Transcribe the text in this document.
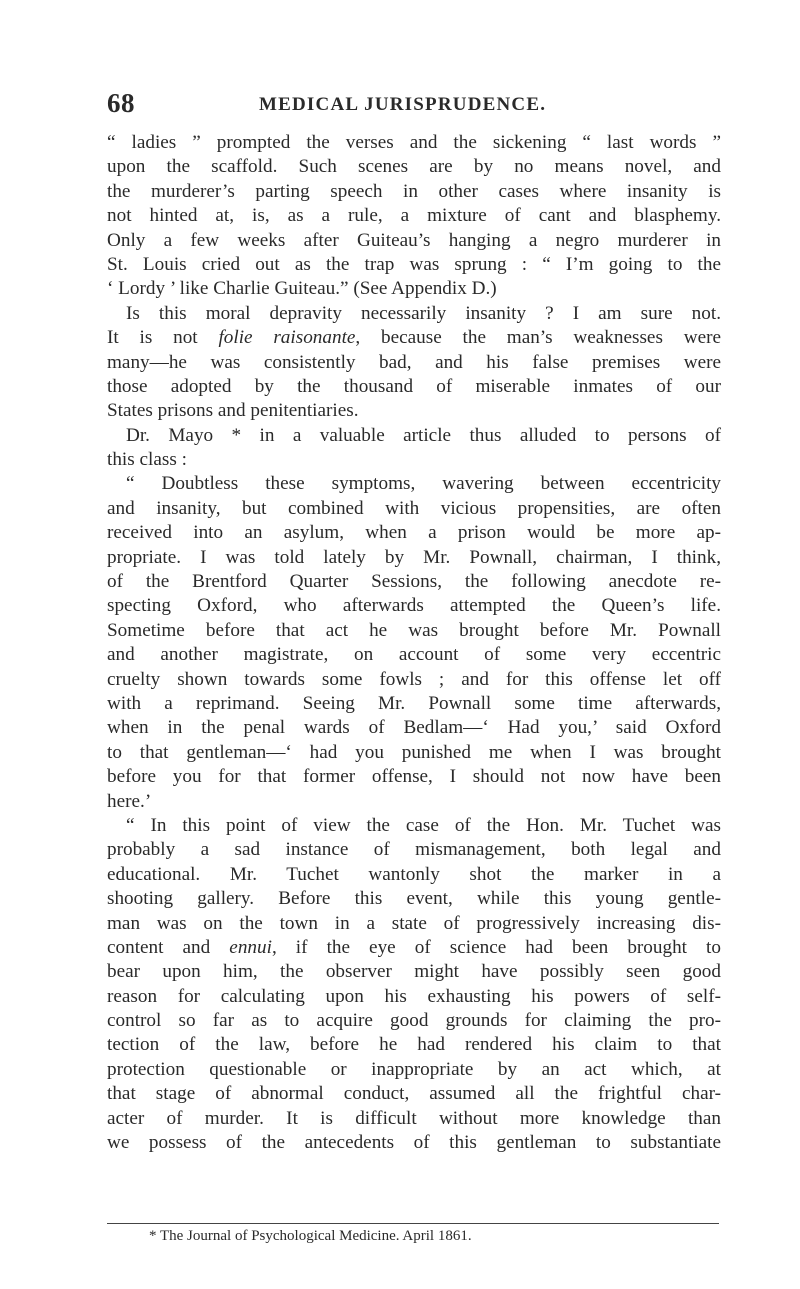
68	MEDICAL JURISPRUDENCE.
“ ladies ” prompted the verses and the sickening “ last words ”
upon the scaffold. Such scenes are by no means novel, and
the murderer’s parting speech in other cases where insanity is
not hinted at, is, as a rule, a mixture of cant and blasphemy.
Only a few weeks after Guiteau’s hanging a negro murderer in
St. Louis cried out as the trap was sprung : “ I’m going to the
‘ Lordy ’ like Charlie Guiteau.” (See Appendix D.)
Is this moral depravity necessarily insanity ? I am sure not.
It is not folie raisonante, because the man’s weaknesses were
many—he was consistently bad, and his false premises were
those adopted by the thousand of miserable inmates of our
States prisons and penitentiaries.
Dr. Mayo * in a valuable article thus alluded to persons of
this class :
“ Doubtless these symptoms, wavering between eccentricity
and insanity, but combined with vicious propensities, are often
received into an asylum, when a prison would be more ap-
propriate. I was told lately by Mr. Pownall, chairman, I think,
of the Brentford Quarter Sessions, the following anecdote re-
specting Oxford, who afterwards attempted the Queen’s life.
Sometime before that act he was brought before Mr. Pownall
and another magistrate, on account of some very eccentric
cruelty shown towards some fowls ; and for this offense let off
with a reprimand. Seeing Mr. Pownall some time afterwards,
when in the penal wards of Bedlam—‘ Had you,’ said Oxford
to that gentleman—‘ had you punished me when I was brought
before you for that former offense, I should not now have been
here.’
“ In this point of view the case of the Hon. Mr. Tuchet was
probably a sad instance of mismanagement, both legal and
educational. Mr. Tuchet wantonly shot the marker in a
shooting gallery. Before this event, while this young gentle-
man was on the town in a state of progressively increasing dis-
content and ennui, if the eye of science had been brought to
bear upon him, the observer might have possibly seen good
reason for calculating upon his exhausting his powers of self-
control so far as to acquire good grounds for claiming the pro-
tection of the law, before he had rendered his claim to that
protection questionable or inappropriate by an act which, at
that stage of abnormal conduct, assumed all the frightful char-
acter of murder. It is difficult without more knowledge than
we possess of the antecedents of this gentleman to substantiate
* The Journal of Psychological Medicine. April 1861.
